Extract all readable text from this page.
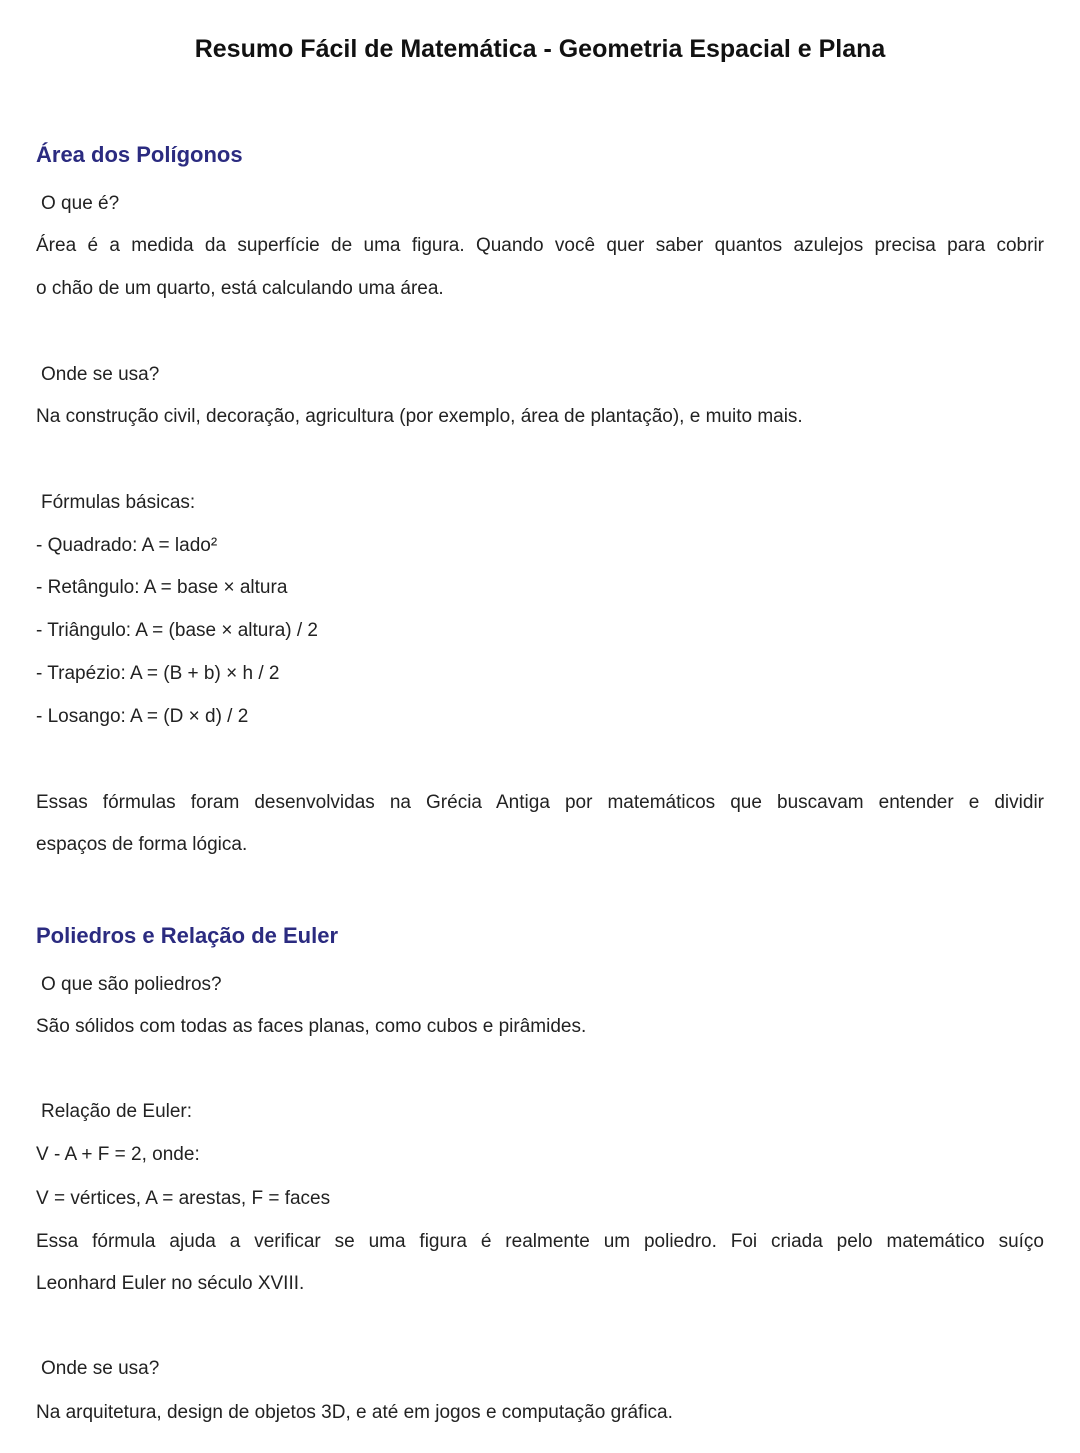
Resumo Fácil de Matemática - Geometria Espacial e Plana
Área dos Polígonos
O que é?
Área é a medida da superfície de uma figura. Quando você quer saber quantos azulejos precisa para cobrir
o chão de um quarto, está calculando uma área.
Onde se usa?
Na construção civil, decoração, agricultura (por exemplo, área de plantação), e muito mais.
Fórmulas básicas:
- Quadrado: A = lado²
- Retângulo: A = base × altura
- Triângulo: A = (base × altura) / 2
- Trapézio: A = (B + b) × h / 2
- Losango: A = (D × d) / 2
Essas fórmulas foram desenvolvidas na Grécia Antiga por matemáticos que buscavam entender e dividir
espaços de forma lógica.
Poliedros e Relação de Euler
O que são poliedros?
São sólidos com todas as faces planas, como cubos e pirâmides.
Relação de Euler:
V - A + F = 2, onde:
V = vértices, A = arestas, F = faces
Essa fórmula ajuda a verificar se uma figura é realmente um poliedro. Foi criada pelo matemático suíço
Leonhard Euler no século XVIII.
Onde se usa?
Na arquitetura, design de objetos 3D, e até em jogos e computação gráfica.
